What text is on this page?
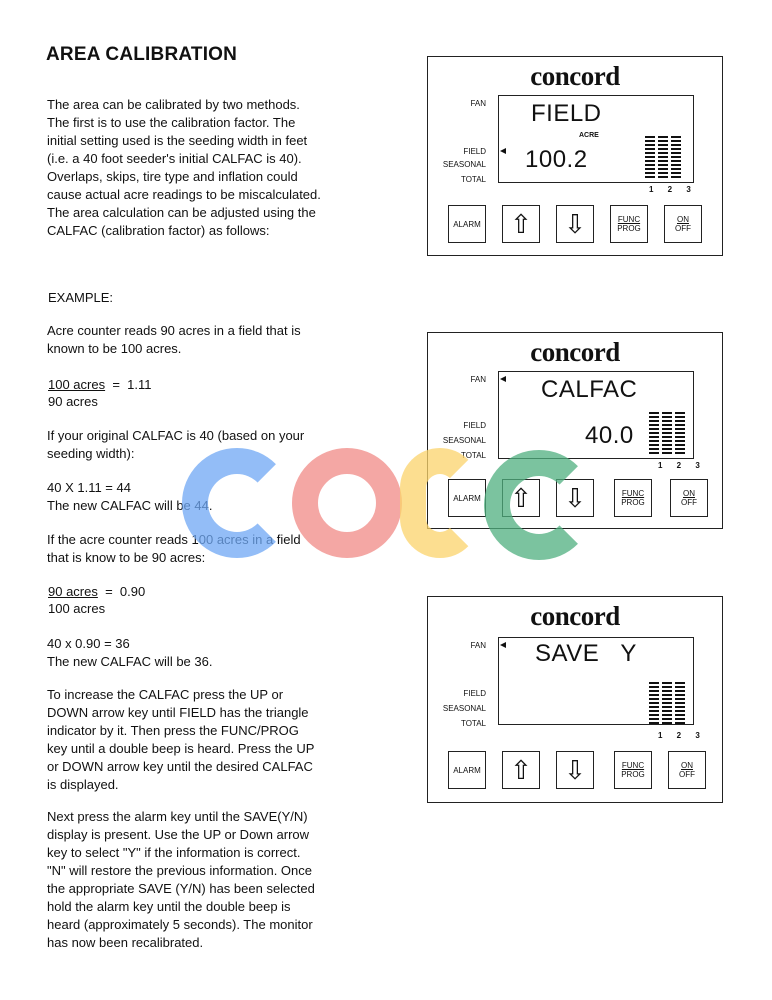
AREA CALIBRATION

The area can be calibrated by two methods.

The first is to use the calibration factor. The

initial setting used is the seeding width in feet

(i.e. a 40 foot seeder's initial CALFAC is 40).

Overlaps, skips, tire type and inflation could

cause actual acre readings to be miscalculated.

The area calculation can be adjusted using the

CALFAC (calibration factor) as follows:

EXAMPLE:

Acre counter reads 90 acres in a field that is

known to be 100 acres.

100 acres  =  1.11
90 acres

If your original CALFAC is 40 (based on your

seeding width):

40 X 1.11 = 44

The new CALFAC will be 44.

If the acre counter reads 100 acres in a field

that is know to be 90 acres:

90 acres  =  0.90
100 acres

40 x 0.90 = 36

The new CALFAC will be 36.

To increase the CALFAC press the UP or

DOWN arrow key until FIELD has the triangle

indicator by it. Then press the FUNC/PROG

key until a double beep is heard. Press the UP

or DOWN arrow key until the desired CALFAC

is displayed.

Next press the alarm key until the SAVE(Y/N)

display is present. Use the UP or Down arrow

key to select "Y" if the information is correct.

"N" will restore the previous information. Once

the appropriate SAVE (Y/N) has been selected

hold the alarm key until the double beep is

heard (approximately 5 seconds). The monitor

has now been recalibrated.

concord
FAN
FIELD
SEASONAL
TOTAL
FIELD
ACRE
100.2
1 2 3
ALARM ⇧ ⇩	FUNC
PROG
ON
OFF
concord
FAN
FIELD
SEASONAL
TOTAL
CALFAC
40.0
1 2 3
ALARM ⇧ ⇩	FUNC
PROG
ON
OFF
concord
FAN
FIELD
SEASONAL
TOTAL
SAVE   Y
1 2 3
ALARM ⇧ ⇩	FUNC
PROG
ON
OFF
